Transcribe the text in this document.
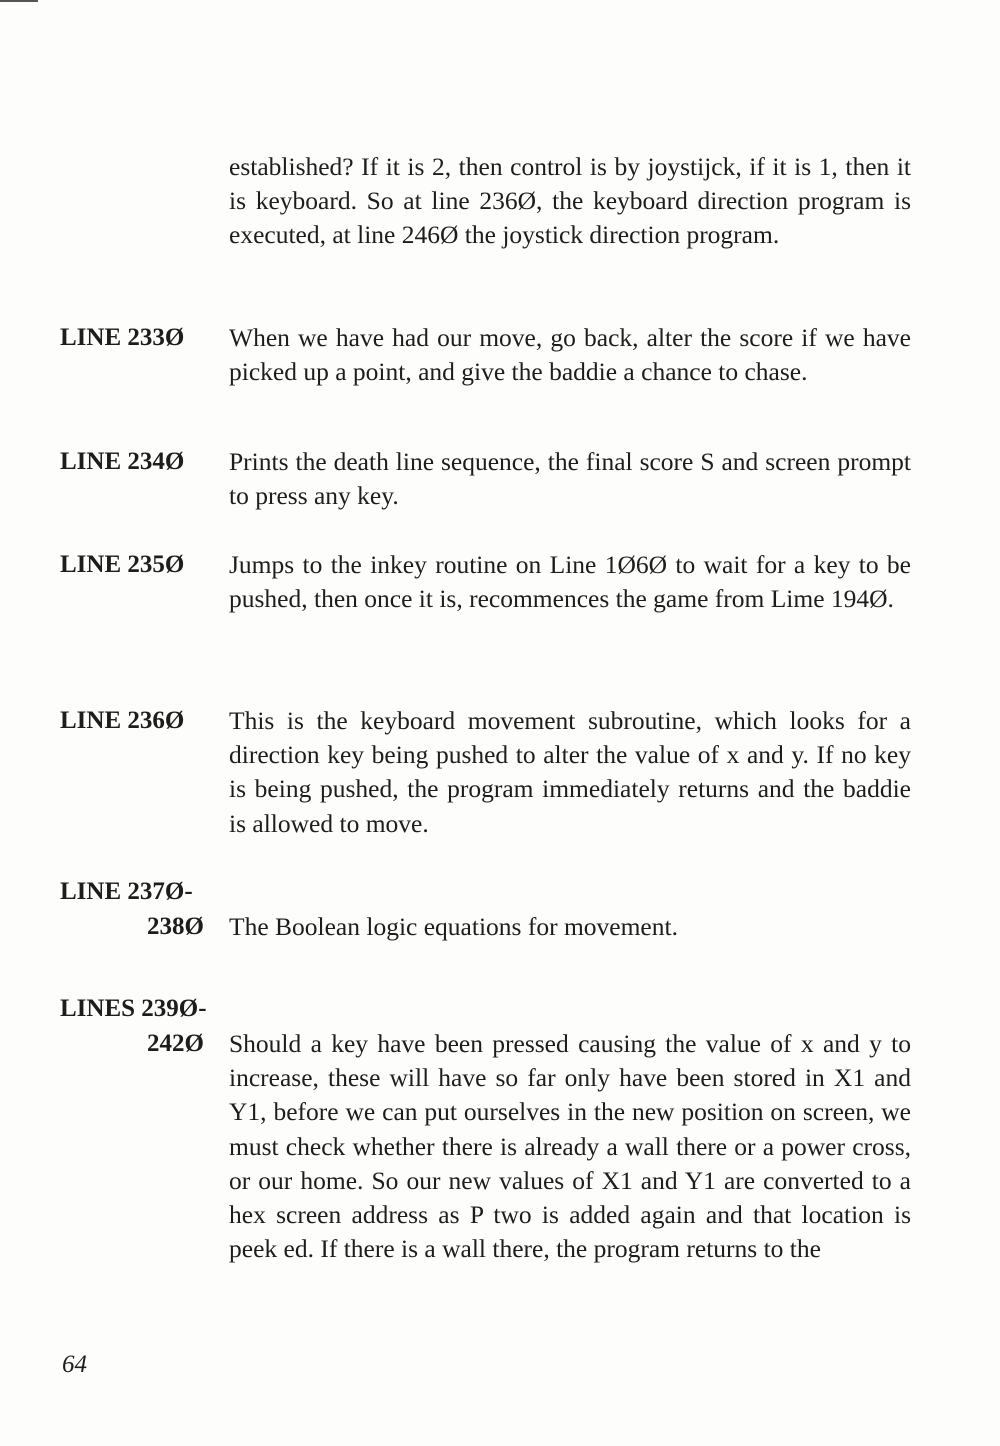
established? If it is 2, then control is by joystijck, if it is 1, then it is keyboard. So at line 236Ø, the keyboard direction program is executed, at line 246Ø the joystick direction program.
LINE 233Ø	When we have had our move, go back, alter the score if we have picked up a point, and give the baddie a chance to chase.
LINE 234Ø	Prints the death line sequence, the final score S and screen prompt to press any key.
LINE 235Ø	Jumps to the inkey routine on Line 1Ø6Ø to wait for a key to be pushed, then once it is, recommences the game from Lime 194Ø.
LINE 236Ø	This is the keyboard movement subroutine, which looks for a direction key being pushed to alter the value of x and y. If no key is being pushed, the program immediately returns and the baddie is allowed to move.
LINE 237Ø-
238Ø The Boolean logic equations for movement.
LINES 239Ø-
242Ø Should a key have been pressed causing the value of x and y to increase, these will have so far only have been stored in X1 and Y1, before we can put ourselves in the new position on screen, we must check whether there is already a wall there or a power cross, or our home. So our new values of X1 and Y1 are converted to a hex screen address as P two is added again and that location is peek ed. If there is a wall there, the program returns to the
64
